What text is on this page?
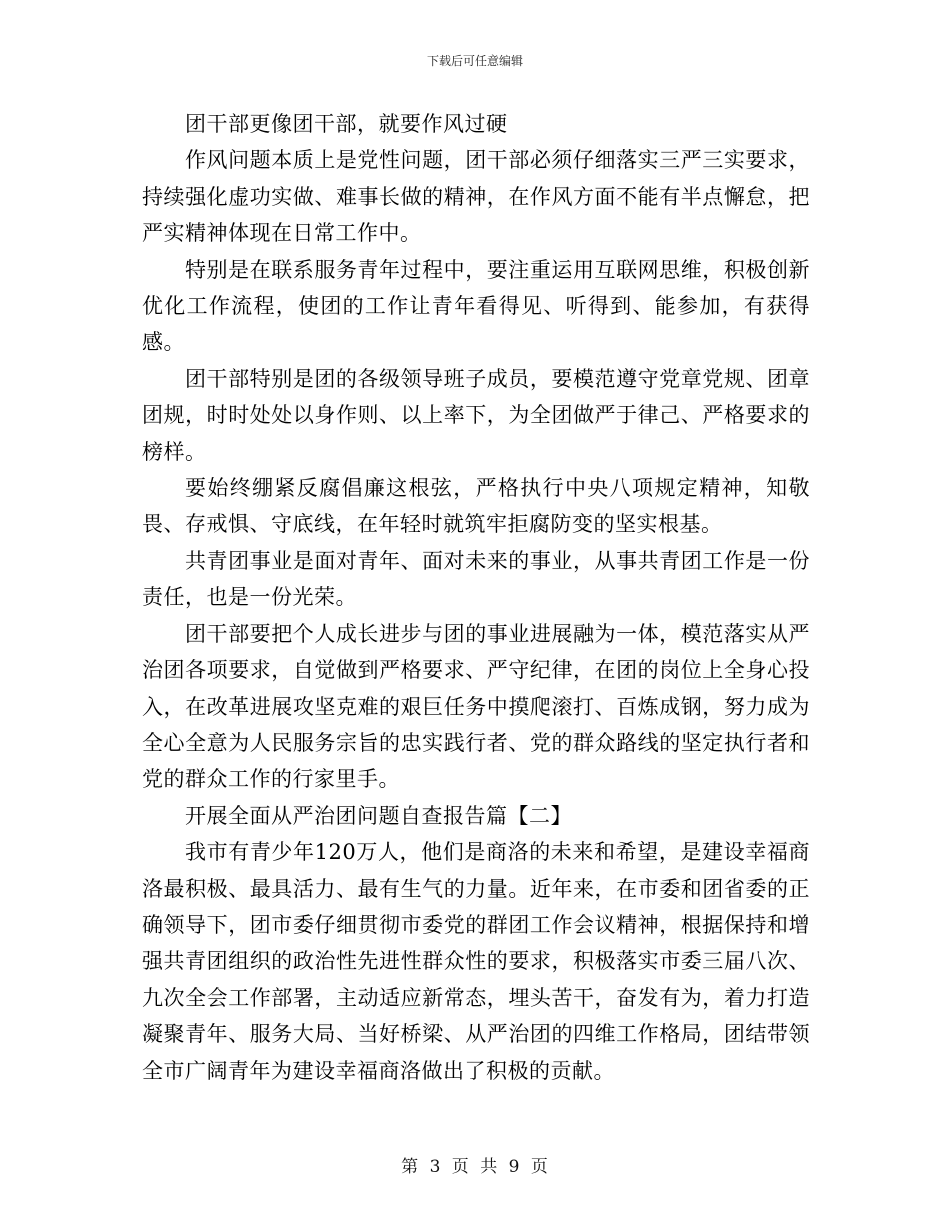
下载后可任意编辑

团干部更像团干部，就要作风过硬

作风问题本质上是党性问题，团干部必须仔细落实三严三实要求，持续强化虚功实做、难事长做的精神，在作风方面不能有半点懈怠，把严实精神体现在日常工作中。

特别是在联系服务青年过程中，要注重运用互联网思维，积极创新优化工作流程，使团的工作让青年看得见、听得到、能参加，有获得感。

团干部特别是团的各级领导班子成员，要模范遵守党章党规、团章团规，时时处处以身作则、以上率下，为全团做严于律己、严格要求的榜样。

要始终绷紧反腐倡廉这根弦，严格执行中央八项规定精神，知敬畏、存戒惧、守底线，在年轻时就筑牢拒腐防变的坚实根基。

共青团事业是面对青年、面对未来的事业，从事共青团工作是一份责任，也是一份光荣。

团干部要把个人成长进步与团的事业进展融为一体，模范落实从严治团各项要求，自觉做到严格要求、严守纪律，在团的岗位上全身心投入，在改革进展攻坚克难的艰巨任务中摸爬滚打、百炼成钢，努力成为全心全意为人民服务宗旨的忠实践行者、党的群众路线的坚定执行者和党的群众工作的行家里手。

开展全面从严治团问题自查报告篇【二】

我市有青少年120万人，他们是商洛的未来和希望，是建设幸福商洛最积极、最具活力、最有生气的力量。近年来，在市委和团省委的正确领导下，团市委仔细贯彻市委党的群团工作会议精神，根据保持和增强共青团组织的政治性先进性群众性的要求，积极落实市委三届八次、九次全会工作部署，主动适应新常态，埋头苦干，奋发有为，着力打造凝聚青年、服务大局、当好桥梁、从严治团的四维工作格局，团结带领全市广阔青年为建设幸福商洛做出了积极的贡献。

第 3 页 共 9 页
